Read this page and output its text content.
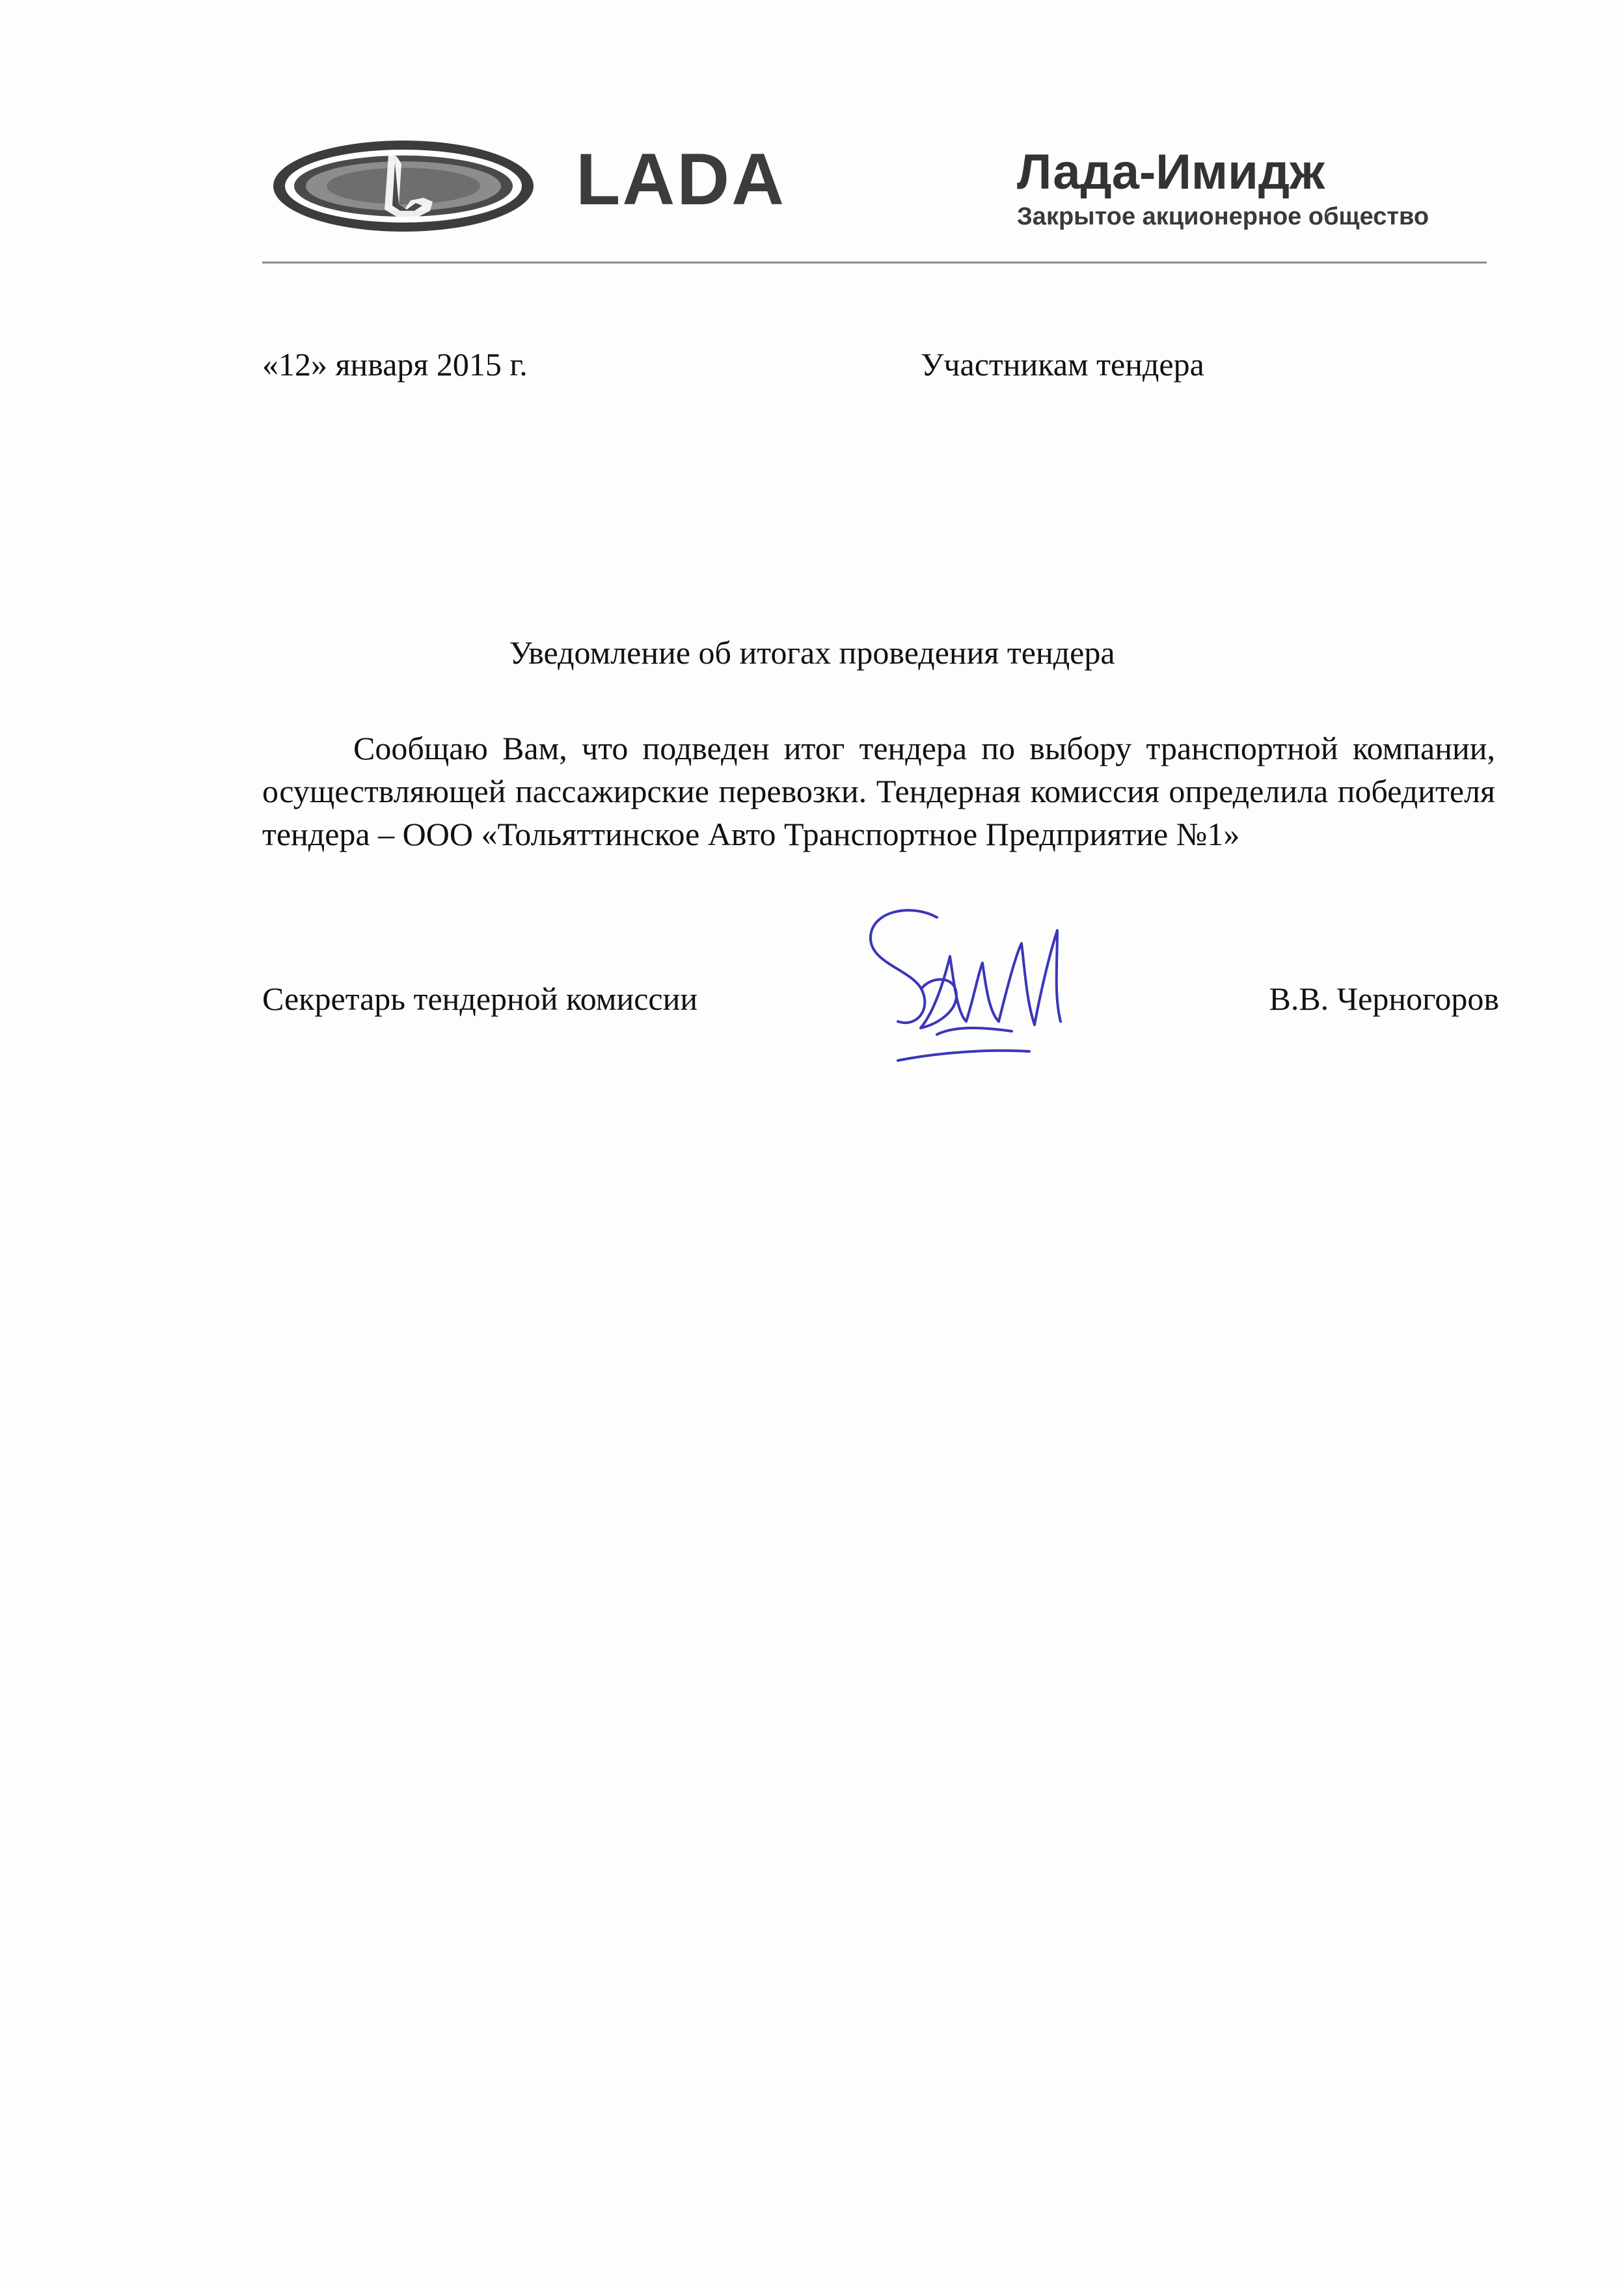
LADA	Лада-Имидж
Закрытое акционерное общество
«12» января 2015 г.	Участникам тендера
Уведомление об итогах проведения тендера
Сообщаю Вам, что подведен итог тендера по выбору транспортной компании, осуществляющей пассажирские перевозки. Тендерная комиссия определила победителя тендера – ООО «Тольяттинское Авто Транспортное Предприятие №1»
Секретарь тендерной комиссии	В.В. Черногоров
